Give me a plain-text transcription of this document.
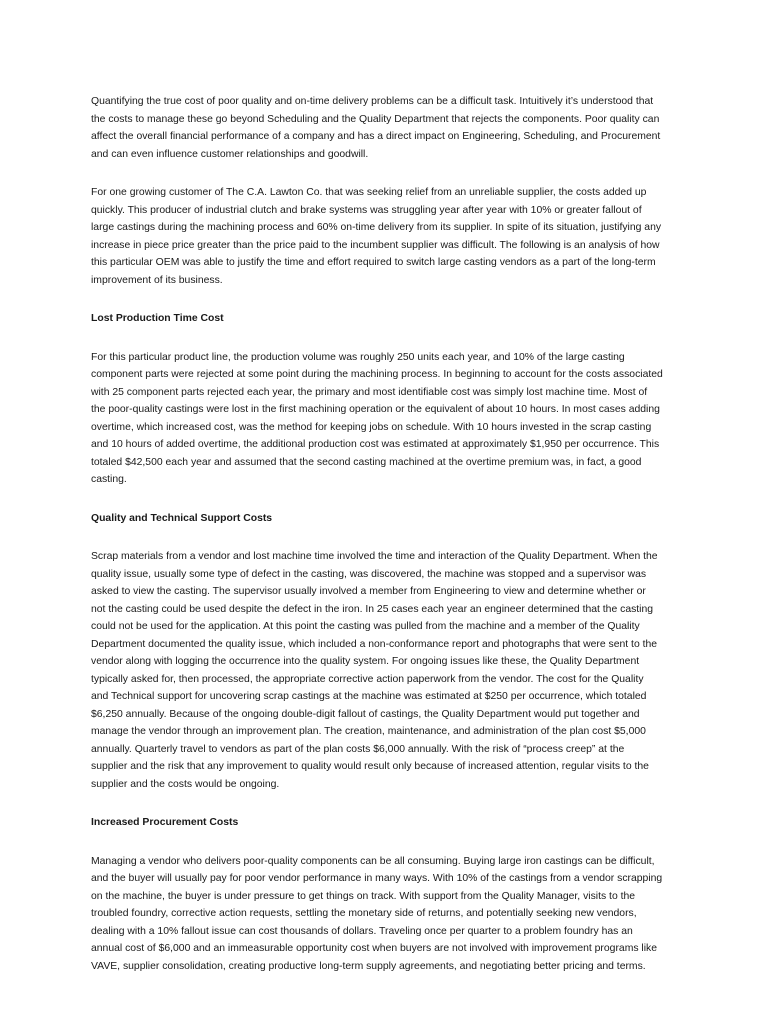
Quantifying the true cost of poor quality and on-time delivery problems can be a difficult task. Intuitively it’s understood that
the costs to manage these go beyond Scheduling and the Quality Department that rejects the components. Poor quality can
affect the overall financial performance of a company and has a direct impact on Engineering, Scheduling, and Procurement
and can even influence customer relationships and goodwill.

For one growing customer of The C.A. Lawton Co. that was seeking relief from an unreliable supplier, the costs added up
quickly. This producer of industrial clutch and brake systems was struggling year after year with 10% or greater fallout of
large castings during the machining process and 60% on-time delivery from its supplier. In spite of its situation, justifying any
increase in piece price greater than the price paid to the incumbent supplier was difficult. The following is an analysis of how
this particular OEM was able to justify the time and effort required to switch large casting vendors as a part of the long-term
improvement of its business.

Lost Production Time Cost

For this particular product line, the production volume was roughly 250 units each year, and 10% of the large casting
component parts were rejected at some point during the machining process. In beginning to account for the costs associated
with 25 component parts rejected each year, the primary and most identifiable cost was simply lost machine time. Most of
the poor-quality castings were lost in the first machining operation or the equivalent of about 10 hours. In most cases adding
overtime, which increased cost, was the method for keeping jobs on schedule. With 10 hours invested in the scrap casting
and 10 hours of added overtime, the additional production cost was estimated at approximately $1,950 per occurrence. This
totaled $42,500 each year and assumed that the second casting machined at the overtime premium was, in fact, a good
casting.

Quality and Technical Support Costs

Scrap materials from a vendor and lost machine time involved the time and interaction of the Quality Department. When the
quality issue, usually some type of defect in the casting, was discovered, the machine was stopped and a supervisor was
asked to view the casting. The supervisor usually involved a member from Engineering to view and determine whether or
not the casting could be used despite the defect in the iron. In 25 cases each year an engineer determined that the casting
could not be used for the application. At this point the casting was pulled from the machine and a member of the Quality
Department documented the quality issue, which included a non-conformance report and photographs that were sent to the
vendor along with logging the occurrence into the quality system. For ongoing issues like these, the Quality Department
typically asked for, then processed, the appropriate corrective action paperwork from the vendor. The cost for the Quality
and Technical support for uncovering scrap castings at the machine was estimated at $250 per occurrence, which totaled
$6,250 annually. Because of the ongoing double-digit fallout of castings, the Quality Department would put together and
manage the vendor through an improvement plan. The creation, maintenance, and administration of the plan cost $5,000
annually. Quarterly travel to vendors as part of the plan costs $6,000 annually. With the risk of “process creep” at the
supplier and the risk that any improvement to quality would result only because of increased attention, regular visits to the
supplier and the costs would be ongoing.

Increased Procurement Costs

Managing a vendor who delivers poor-quality components can be all consuming. Buying large iron castings can be difficult,
and the buyer will usually pay for poor vendor performance in many ways. With 10% of the castings from a vendor scrapping
on the machine, the buyer is under pressure to get things on track. With support from the Quality Manager, visits to the
troubled foundry, corrective action requests, settling the monetary side of returns, and potentially seeking new vendors,
dealing with a 10% fallout issue can cost thousands of dollars. Traveling once per quarter to a problem foundry has an
annual cost of $6,000 and an immeasurable opportunity cost when buyers are not involved with improvement programs like
VAVE, supplier consolidation, creating productive long-term supply agreements, and negotiating better pricing and terms.
